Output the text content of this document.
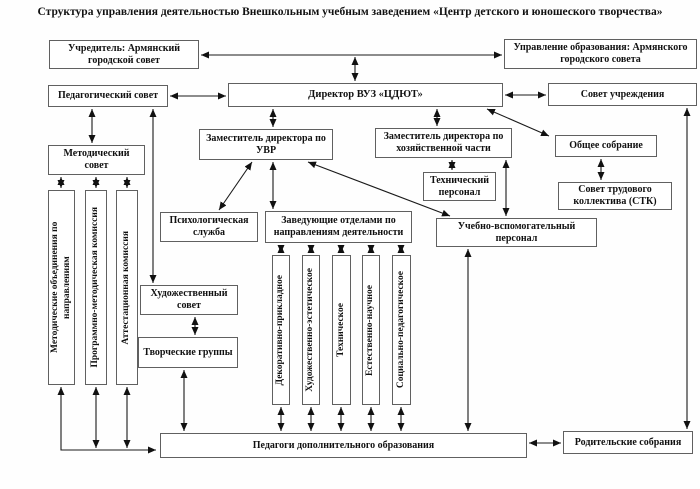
Структура управления деятельностью Внешкольным учебным заведением «Центр детского и юношеского творчества»
Учредитель: Армянский городской совет
Управление образования: Армянского городского совета
Педагогический совет	Директор ВУЗ «ЦДЮТ»	Совет учреждения
Методический совет
Заместитель директора по УВР
Заместитель директора по хозяйственной части	Общее собрание
Технический персонал	Совет трудового коллектива (СТК)
Психологическая служба
Заведующие отделами по направлениям деятельности
Учебно-вспомогательный персонал
Методические объединения по направлениям Программно-методическая комиссия Аттестационная комиссия	Художественный совет
Творческие группы	Декоративно-прикладное Художественно-эстетическое Техническое Естественно-научное Социально-педагогическое
Педагоги дополнительного образования	Родительские собрания
